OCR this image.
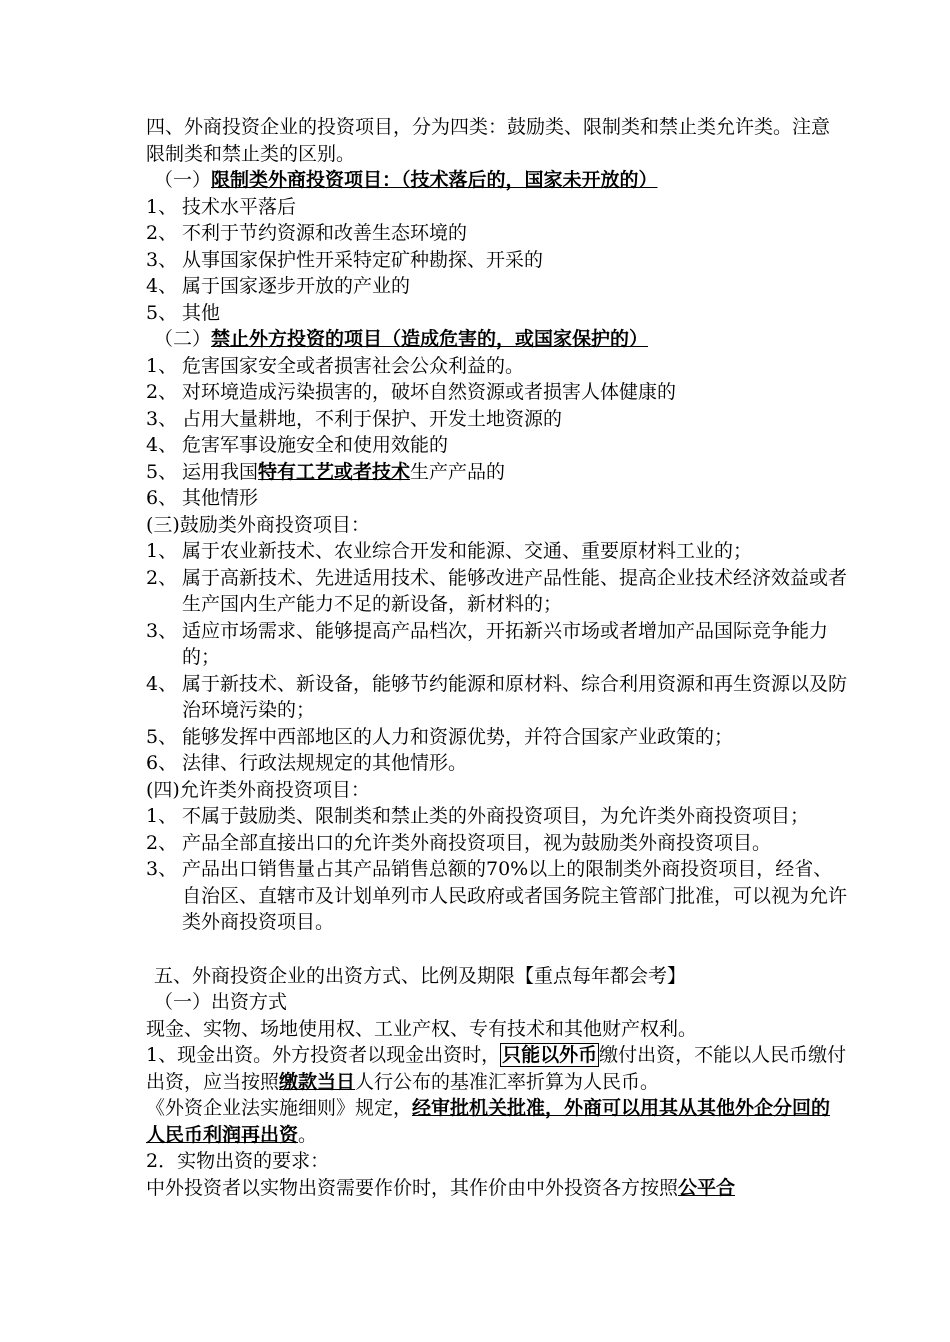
四、外商投资企业的投资项目，分为四类：鼓励类、限制类和禁止类允许类。注意限制类和禁止类的区别。

（一）限制类外商投资项目：（技术落后的，国家未开放的）

1、 技术水平落后
2、 不利于节约资源和改善生态环境的
3、 从事国家保护性开采特定矿种勘探、开采的
4、 属于国家逐步开放的产业的
5、 其他

（二）禁止外方投资的项目（造成危害的，或国家保护的）

1、 危害国家安全或者损害社会公众利益的。
2、 对环境造成污染损害的，破坏自然资源或者损害人体健康的
3、 占用大量耕地，不利于保护、开发土地资源的
4、 危害军事设施安全和使用效能的
5、 运用我国特有工艺或者技术生产产品的
6、 其他情形

(三)鼓励类外商投资项目：

1、 属于农业新技术、农业综合开发和能源、交通、重要原材料工业的；
2、 属于高新技术、先进适用技术、能够改进产品性能、提高企业技术经济效益或者生产国内生产能力不足的新设备，新材料的；
3、 适应市场需求、能够提高产品档次，开拓新兴市场或者增加产品国际竞争能力的；
4、 属于新技术、新设备，能够节约能源和原材料、综合利用资源和再生资源以及防治环境污染的；
5、 能够发挥中西部地区的人力和资源优势，并符合国家产业政策的；
6、 法律、行政法规规定的其他情形。

(四)允许类外商投资项目：

1、 不属于鼓励类、限制类和禁止类的外商投资项目，为允许类外商投资项目；
2、 产品全部直接出口的允许类外商投资项目，视为鼓励类外商投资项目。
3、 产品出口销售量占其产品销售总额的70%以上的限制类外商投资项目，经省、自治区、直辖市及计划单列市人民政府或者国务院主管部门批准，可以视为允许类外商投资项目。

五、外商投资企业的出资方式、比例及期限【重点每年都会考】

（一）出资方式

现金、实物、场地使用权、工业产权、专有技术和其他财产权利。

1、现金出资。外方投资者以现金出资时， 只能以外币 缴付出资，不能以人民币缴付出资，应当按照缴款当日人行公布的基准汇率折算为人民币。

《外资企业法实施细则》规定，经审批机关批准，外商可以用其从其他外企分回的人民币利润再出资。

2．实物出资的要求：

中外投资者以实物出资需要作价时，其作价由中外投资各方按照公平合
